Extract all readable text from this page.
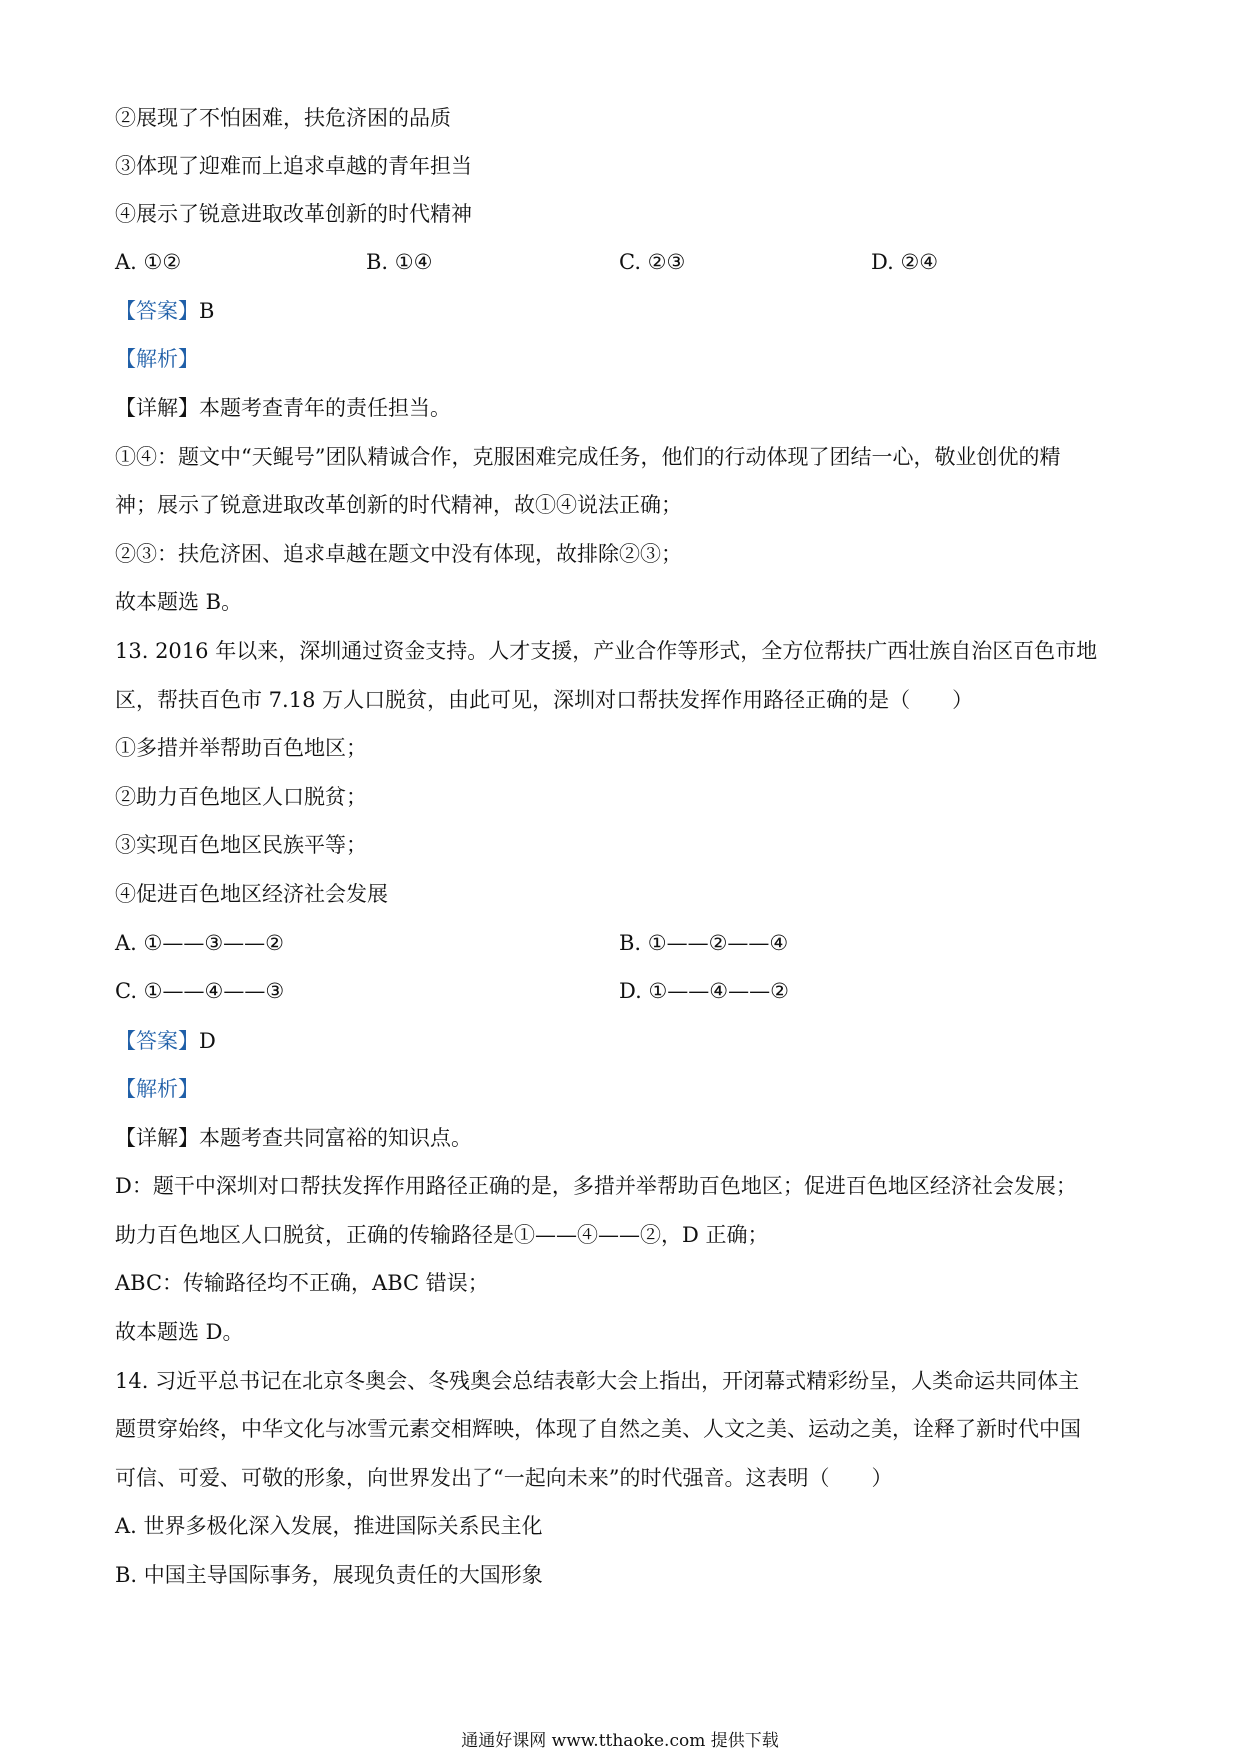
②展现了不怕困难，扶危济困的品质
③体现了迎难而上追求卓越的青年担当
④展示了锐意进取改革创新的时代精神
A. ①②	B. ①④	C. ②③	D. ②④
【答案】B
【解析】
【详解】本题考查青年的责任担当。
①④：题文中“天鲲号”团队精诚合作，克服困难完成任务，他们的行动体现了团结一心，敬业创优的精
神；展示了锐意进取改革创新的时代精神，故①④说法正确；
②③：扶危济困、追求卓越在题文中没有体现，故排除②③；
故本题选 B。
13. 2016 年以来，深圳通过资金支持。人才支援，产业合作等形式，全方位帮扶广西壮族自治区百色市地
区，帮扶百色市 7.18 万人口脱贫，由此可见，深圳对口帮扶发挥作用路径正确的是（　　）
①多措并举帮助百色地区；
②助力百色地区人口脱贫；
③实现百色地区民族平等；
④促进百色地区经济社会发展
A. ①——③——②	B. ①——②——④
C. ①——④——③	D. ①——④——②
【答案】D
【解析】
【详解】本题考查共同富裕的知识点。
D：题干中深圳对口帮扶发挥作用路径正确的是，多措并举帮助百色地区；促进百色地区经济社会发展；
助力百色地区人口脱贫，正确的传输路径是①——④——②，D 正确；
ABC：传输路径均不正确，ABC 错误；
故本题选 D。
14. 习近平总书记在北京冬奥会、冬残奥会总结表彰大会上指出，开闭幕式精彩纷呈，人类命运共同体主
题贯穿始终，中华文化与冰雪元素交相辉映，体现了自然之美、人文之美、运动之美，诠释了新时代中国
可信、可爱、可敬的形象，向世界发出了“一起向未来”的时代强音。这表明（　　）
A. 世界多极化深入发展，推进国际关系民主化
B. 中国主导国际事务，展现负责任的大国形象
通通好课网 www.tthaoke.com 提供下载
